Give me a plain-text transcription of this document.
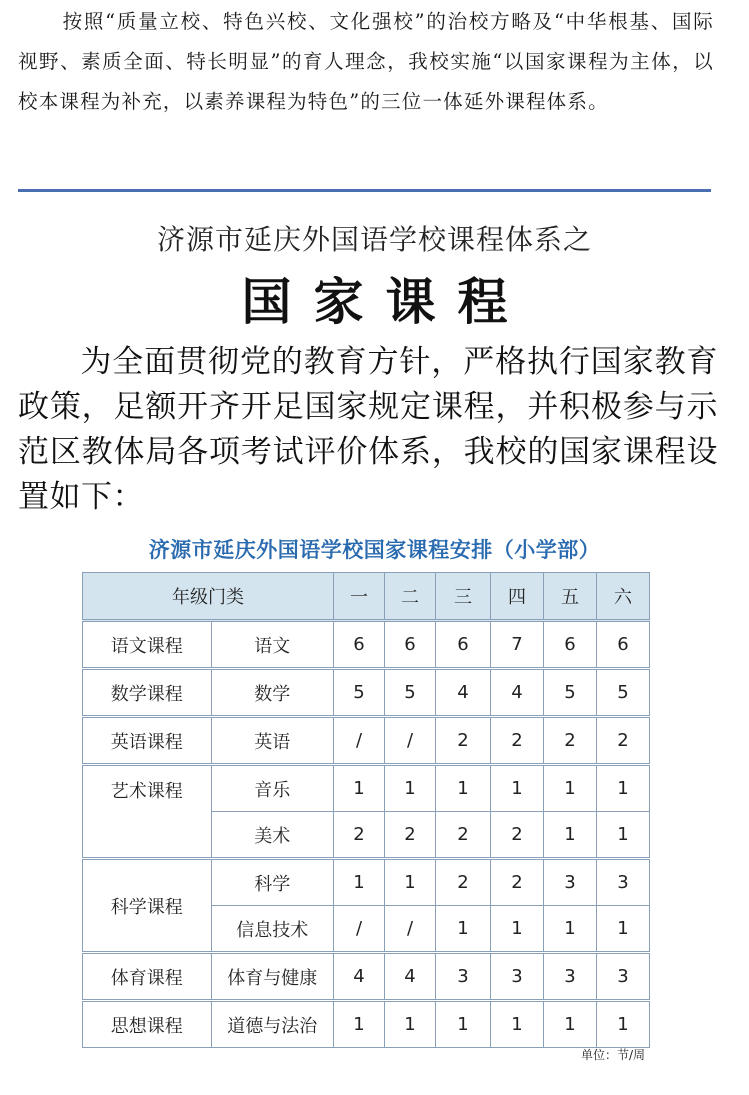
按照“质量立校、特色兴校、文化强校”的治校方略及“中华根基、国际视野、素质全面、特长明显”的育人理念，我校实施“以国家课程为主体，以校本课程为补充，以素养课程为特色”的三位一体延外课程体系。
济源市延庆外国语学校课程体系之
国家课程
为全面贯彻党的教育方针，严格执行国家教育政策，足额开齐开足国家规定课程，并积极参与示范区教体局各项考试评价体系，我校的国家课程设置如下：
济源市延庆外国语学校国家课程安排（小学部）
年级门类		一	二	三	四	五	六
语文课程	语文	6	6	6	7	6	6
数学课程	数学	5	5	4	4	5	5
英语课程	英语	/	/	2	2	2	2
艺术课程	音乐	1	1	1	1	1	1
	美术	2	2	2	2	1	1
科学课程	科学	1	1	2	2	3	3
	信息技术	/	/	1	1	1	1
体育课程	体育与健康	4	4	3	3	3	3
思想课程	道德与法治	1	1	1	1	1	1
单位：节/周
